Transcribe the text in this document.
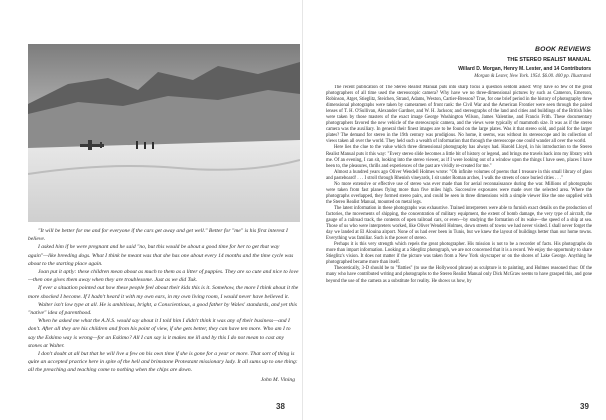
"It will be better for me and for everyone if the cars get away and get well." Better for "me" is his first interest I believe.

I asked him if he were pregnant and he said "no, but this would be about a good time for her to get that way again"—like breeding dogs. What I think he meant was that she has one about every 14 months and the time cycle was about to the starting place again.

Joan put it aptly: these children mean about as much to them as a litter of puppies. They are so cute and nice to love—then one gives them away when they are troublesome. Just as we did Tuk.

If ever a situation pointed out how these people feel about their kids this is it. Somehow, the more I think about it the more shocked I become. If I hadn't heard it with my own ears, in my own living room, I would never have believed it.

Walter isn't low type at all. He is ambitious, bright, a Conscientious, a good father by Wales' standards, and yet this "native" idea of parenthood.

When he asked me what the A.N.S. would say about it I told him I didn't think it was any of their business—and I don't. After all they are his children and from his point of view, if she gets better, they can have ten more. Who am I to say the Eskimo way is wrong—for an Eskimo? All I can say is it makes me ill and by this I do not mean to cast any stones at Walter.

I don't doubt at all but that he will live a few on his own time if she is gone for a year or more. That sort of thing is quite an accepted practice here in spite of the hell and brimstone Protestant missionary lady. It all sums up to one thing: all the preaching and teaching come to nothing when the chips are down.

John M. Vining
38
BOOK REVIEWS
THE STEREO REALIST MANUAL
Willard D. Morgan, Henry M. Lester, and 14 Contributors
Morgan & Lester, New York. 1954. $6.00. 400 pp. Illustrated

The recent publication of The Stereo Realist Manual puts into sharp focus a question seldom asked: Why have so few of the great photographers of all time used the stereoscopic camera? Why have we no three-dimensional pictures by such as Cameron, Emerson, Robinson, Atget, Stieglitz, Steichen, Strand, Adams, Weston, Cartier-Bresson? True, for one brief period in the history of photography three dimensional photographs were taken by cameramen of front rank: the Civil War and the American Frontier were seen through the paired lenses of T. H. O'Sullivan, Alexander Gardner, and W. H. Jackson; and stereographs of the land and cities and buildings of the British Isles were taken by those masters of the exact image George Washington Wilson, James Valentine, and Francis Frith. These documentary photographers favored the new vehicle of the stereoscopic camera, and the views were typically of mammoth size. It was as if the stereo camera was the auxiliary. In general their finest images are to be found on the large plates. Was it that stereo sold, and paid for the larger plates? The demand for stereo in the 19th century was prodigious. No home, it seems, was without its stereoscope and its collection of views taken all over the world. They held such a wealth of information that through the stereoscope one could wander all over the world.

Here lies the clue to the value which three dimensional photography has always had. Harold Lloyd, in his introduction to the Stereo Realist Manual puts it this way: "Every stereo slide becomes a little bit of history or legend, and brings me travels back into my library with me. Of an evening, I can sit, looking into the stereo viewer, as if I were looking out of a window upon the things I have seen, places I have been to, the pleasures, thrills and experiences of the past are vividly re-created for me."

Almost a hundred years ago Oliver Wendell Holmes wrote: "Oh infinite volumes of poems that I treasure in this small library of glass and pasteboard! . . . I stroll through Rhenish vineyards, I sit under Roman arches, I walk the streets of once buried cities . . ."

No more extensive or effective use of stereo was ever made than for aerial reconnaissance during the war. Millions of photographs were taken from fast planes flying more than five miles high. Successive exposures were made over the selected area. Where the photographs overlapped, they formed stereo pairs, and could be seen in three dimensions with a simple viewer like the one supplied with the Stereo Realist Manual, mounted on metal legs.

The latest information in these photographs was exhaustive. Trained interpreters were able to furnish exact details on the production of factories, the movements of shipping, the concentration of military equipment, the extent of bomb damage, the very type of aircraft, the gauge of a railroad track, the contents of open railroad cars, or even—by studying the formation of its wake—the speed of a ship at sea. Those of us who were interpreters worked, like Oliver Wendell Holmes, down streets of towns we had never visited. I shall never forget the day we landed at El Alouina airport. None of us had ever been in Tunis, but we knew the layout of buildings better than our home towns. Everything was familiar. Such is the power of stereo.

Perhaps it is this very strength which repels the great photographer. His mission is not to be a recorder of facts. His photographs do more than impart information. Looking at a Stieglitz photograph, we are not concerned that it is a record. We enjoy the opportunity to share Stieglitz's vision. It does not matter if the picture was taken from a New York skyscraper or on the shores of Lake George. Anything he photographed became more than itself.

Theoretically, 3-D should be to "flatties" (to use the Hollywood phrase) as sculpture is to painting, and Holmes reasoned thus: Of the many who have contributed writing and photographs to the Stereo Realist Manual only Dick McGraw seems to have grasped this, and gone beyond the use of the camera as a substitute for reality. He shows us how, by

39
